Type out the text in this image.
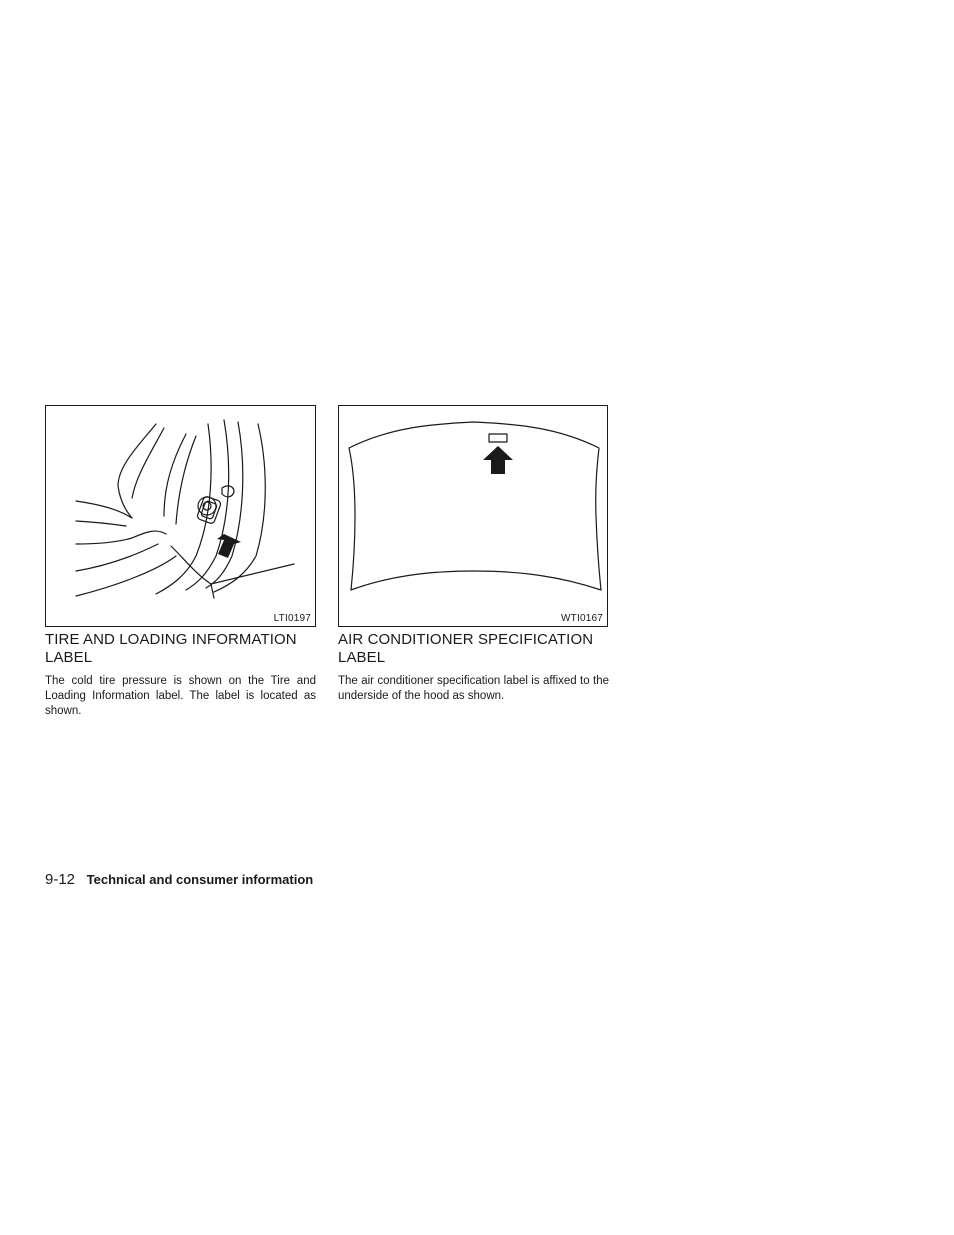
LTI0197	WTI0167
TIRE AND LOADING INFORMATION LABEL

The cold tire pressure is shown on the Tire and Loading Information label. The label is located as shown.

AIR CONDITIONER SPECIFICATION LABEL

The air conditioner specification label is affixed to the underside of the hood as shown.

9-12 Technical and consumer information
